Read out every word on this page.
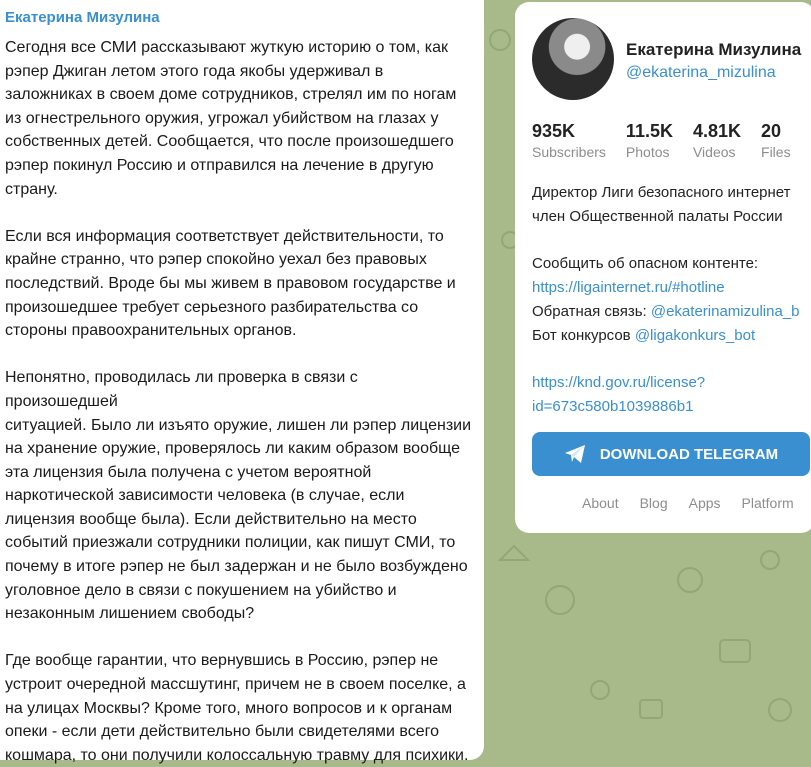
Екатерина Мизулина

Сегодня все СМИ рассказывают жуткую историю о том, как
рэпер Джиган летом этого года якобы удерживал в
заложниках в своем доме сотрудников, стрелял им по ногам
из огнестрельного оружия, угрожал убийством на глазах у
собственных детей. Сообщается, что после произошедшего
рэпер покинул Россию и отправился на лечение в другую
страну.

Если вся информация соответствует действительности, то
крайне странно, что рэпер спокойно уехал без правовых
последствий. Вроде бы мы живем в правовом государстве и
произошедшее требует серьезного разбирательства со
стороны правоохранительных органов.

Непонятно, проводилась ли проверка в связи с произошедшей
ситуацией. Было ли изъято оружие, лишен ли рэпер лицензии
на хранение оружие, проверялось ли каким образом вообще
эта лицензия была получена с учетом вероятной
наркотической зависимости человека (в случае, если
лицензия вообще была). Если действительно на место
событий приезжали сотрудники полиции, как пишут СМИ, то
почему в итоге рэпер не был задержан и не было возбуждено
уголовное дело в связи с покушением на убийство и
незаконным лишением свободы?

Где вообще гарантии, что вернувшись в Россию, рэпер не
устроит очередной массшутинг, причем не в своем поселке, а
на улицах Москвы? Кроме того, много вопросов и к органам
опеки - если дети действительно были свидетелями всего
кошмара, то они получили колоссальную травму для психики.

Екатерина Мизулина
@ekaterina_mizulina
935K
Subscribers
11.5K
Photos
4.81K
Videos
20
Files
Директор Лиги безопасного интернет
член Общественной палаты России
Сообщить об опасном контенте:
https://ligainternet.ru/#hotline
Обратная связь: @ekaterinamizulina_b
Бот конкурсов @ligakonkurs_bot
https://knd.gov.ru/license?
id=673c580b1039886b1
DOWNLOAD TELEGRAM
About Blog Apps Platform
